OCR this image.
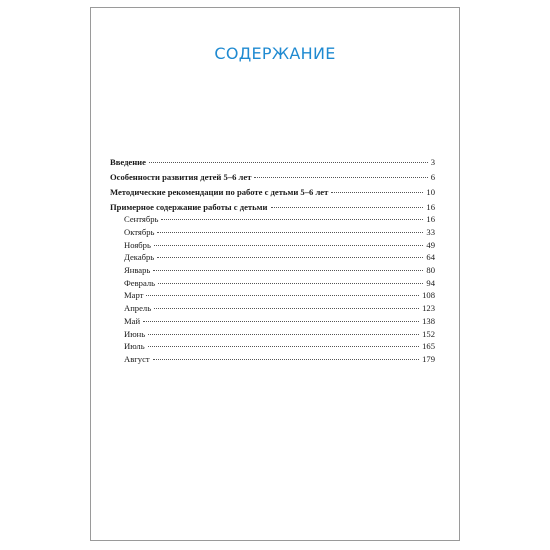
СОДЕРЖАНИЕ
Введение	3
Особенности развития детей 5–6 лет	6
Методические рекомендации по работе с детьми 5–6 лет	10
Примерное содержание работы с детьми	16
Сентябрь	16
Октябрь	33
Ноябрь	49
Декабрь	64
Январь	80
Февраль	94
Март	108
Апрель	123
Май	138
Июнь	152
Июль	165
Август	179
